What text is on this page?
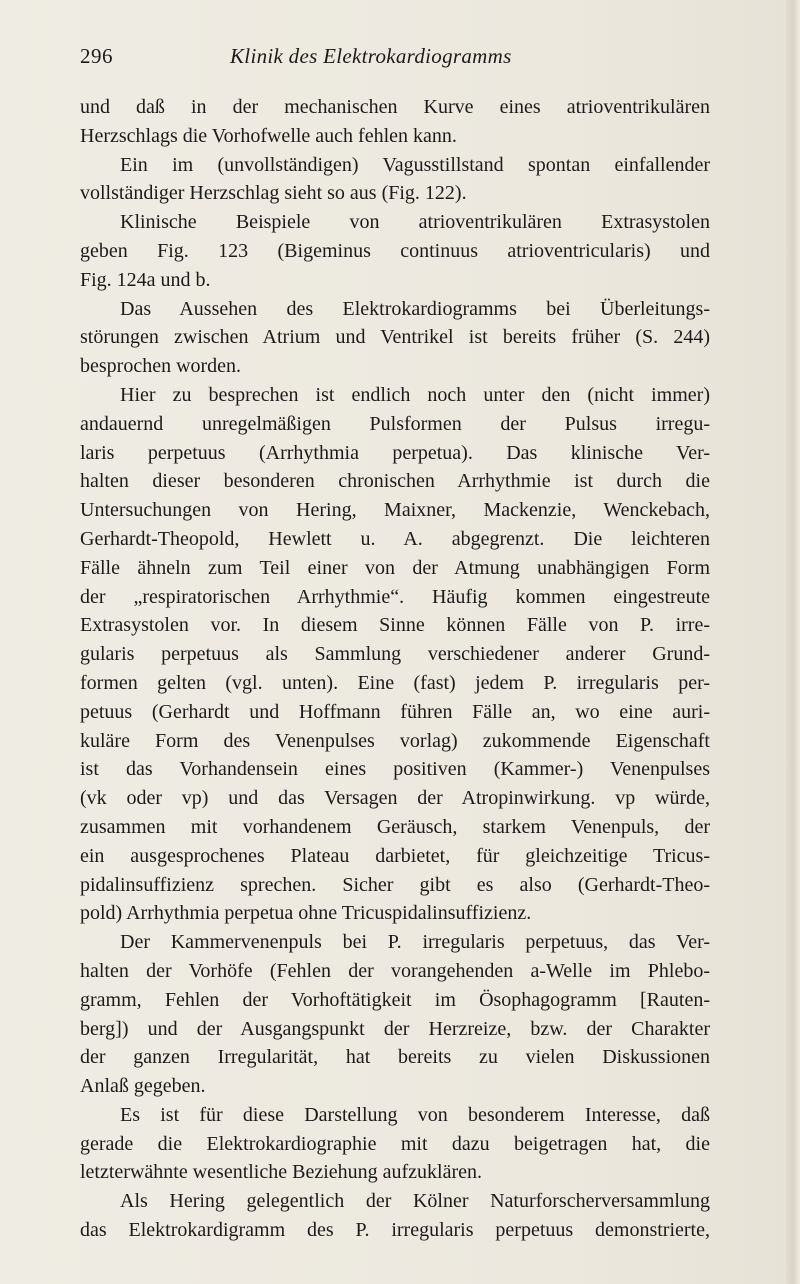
296	Klinik des Elektrokardiogramms
und daß in der mechanischen Kurve eines atrioventrikulären
Herzschlags die Vorhofwelle auch fehlen kann.
Ein im (unvollständigen) Vagusstillstand spontan einfallender
vollständiger Herzschlag sieht so aus (Fig. 122).
Klinische Beispiele von atrioventrikulären Extrasystolen
geben Fig. 123 (Bigeminus continuus atrioventricularis) und
Fig. 124a und b.
Das Aussehen des Elektrokardiogramms bei Überleitungs-
störungen zwischen Atrium und Ventrikel ist bereits früher (S. 244)
besprochen worden.
Hier zu besprechen ist endlich noch unter den (nicht immer)
andauernd unregelmäßigen Pulsformen der Pulsus irregu-
laris perpetuus (Arrhythmia perpetua). Das klinische Ver-
halten dieser besonderen chronischen Arrhythmie ist durch die
Untersuchungen von Hering, Maixner, Mackenzie, Wenckebach,
Gerhardt-Theopold, Hewlett u. A. abgegrenzt. Die leichteren
Fälle ähneln zum Teil einer von der Atmung unabhängigen Form
der „respiratorischen Arrhythmie“. Häufig kommen eingestreute
Extrasystolen vor. In diesem Sinne können Fälle von P. irre-
gularis perpetuus als Sammlung verschiedener anderer Grund-
formen gelten (vgl. unten). Eine (fast) jedem P. irregularis per-
petuus (Gerhardt und Hoffmann führen Fälle an, wo eine auri-
kuläre Form des Venenpulses vorlag) zukommende Eigenschaft
ist das Vorhandensein eines positiven (Kammer-) Venenpulses
(vk oder vp) und das Versagen der Atropinwirkung. vp würde,
zusammen mit vorhandenem Geräusch, starkem Venenpuls, der
ein ausgesprochenes Plateau darbietet, für gleichzeitige Tricus-
pidalinsuffizienz sprechen. Sicher gibt es also (Gerhardt-Theo-
pold) Arrhythmia perpetua ohne Tricuspidalinsuffizienz.
Der Kammervenenpuls bei P. irregularis perpetuus, das Ver-
halten der Vorhöfe (Fehlen der vorangehenden a-Welle im Phlebo-
gramm, Fehlen der Vorhoftätigkeit im Ösophagogramm [Rauten-
berg]) und der Ausgangspunkt der Herzreize, bzw. der Charakter
der ganzen Irregularität, hat bereits zu vielen Diskussionen
Anlaß gegeben.
Es ist für diese Darstellung von besonderem Interesse, daß
gerade die Elektrokardiographie mit dazu beigetragen hat, die
letzterwähnte wesentliche Beziehung aufzuklären.
Als Hering gelegentlich der Kölner Naturforscherversammlung
das Elektrokardigramm des P. irregularis perpetuus demonstrierte,
